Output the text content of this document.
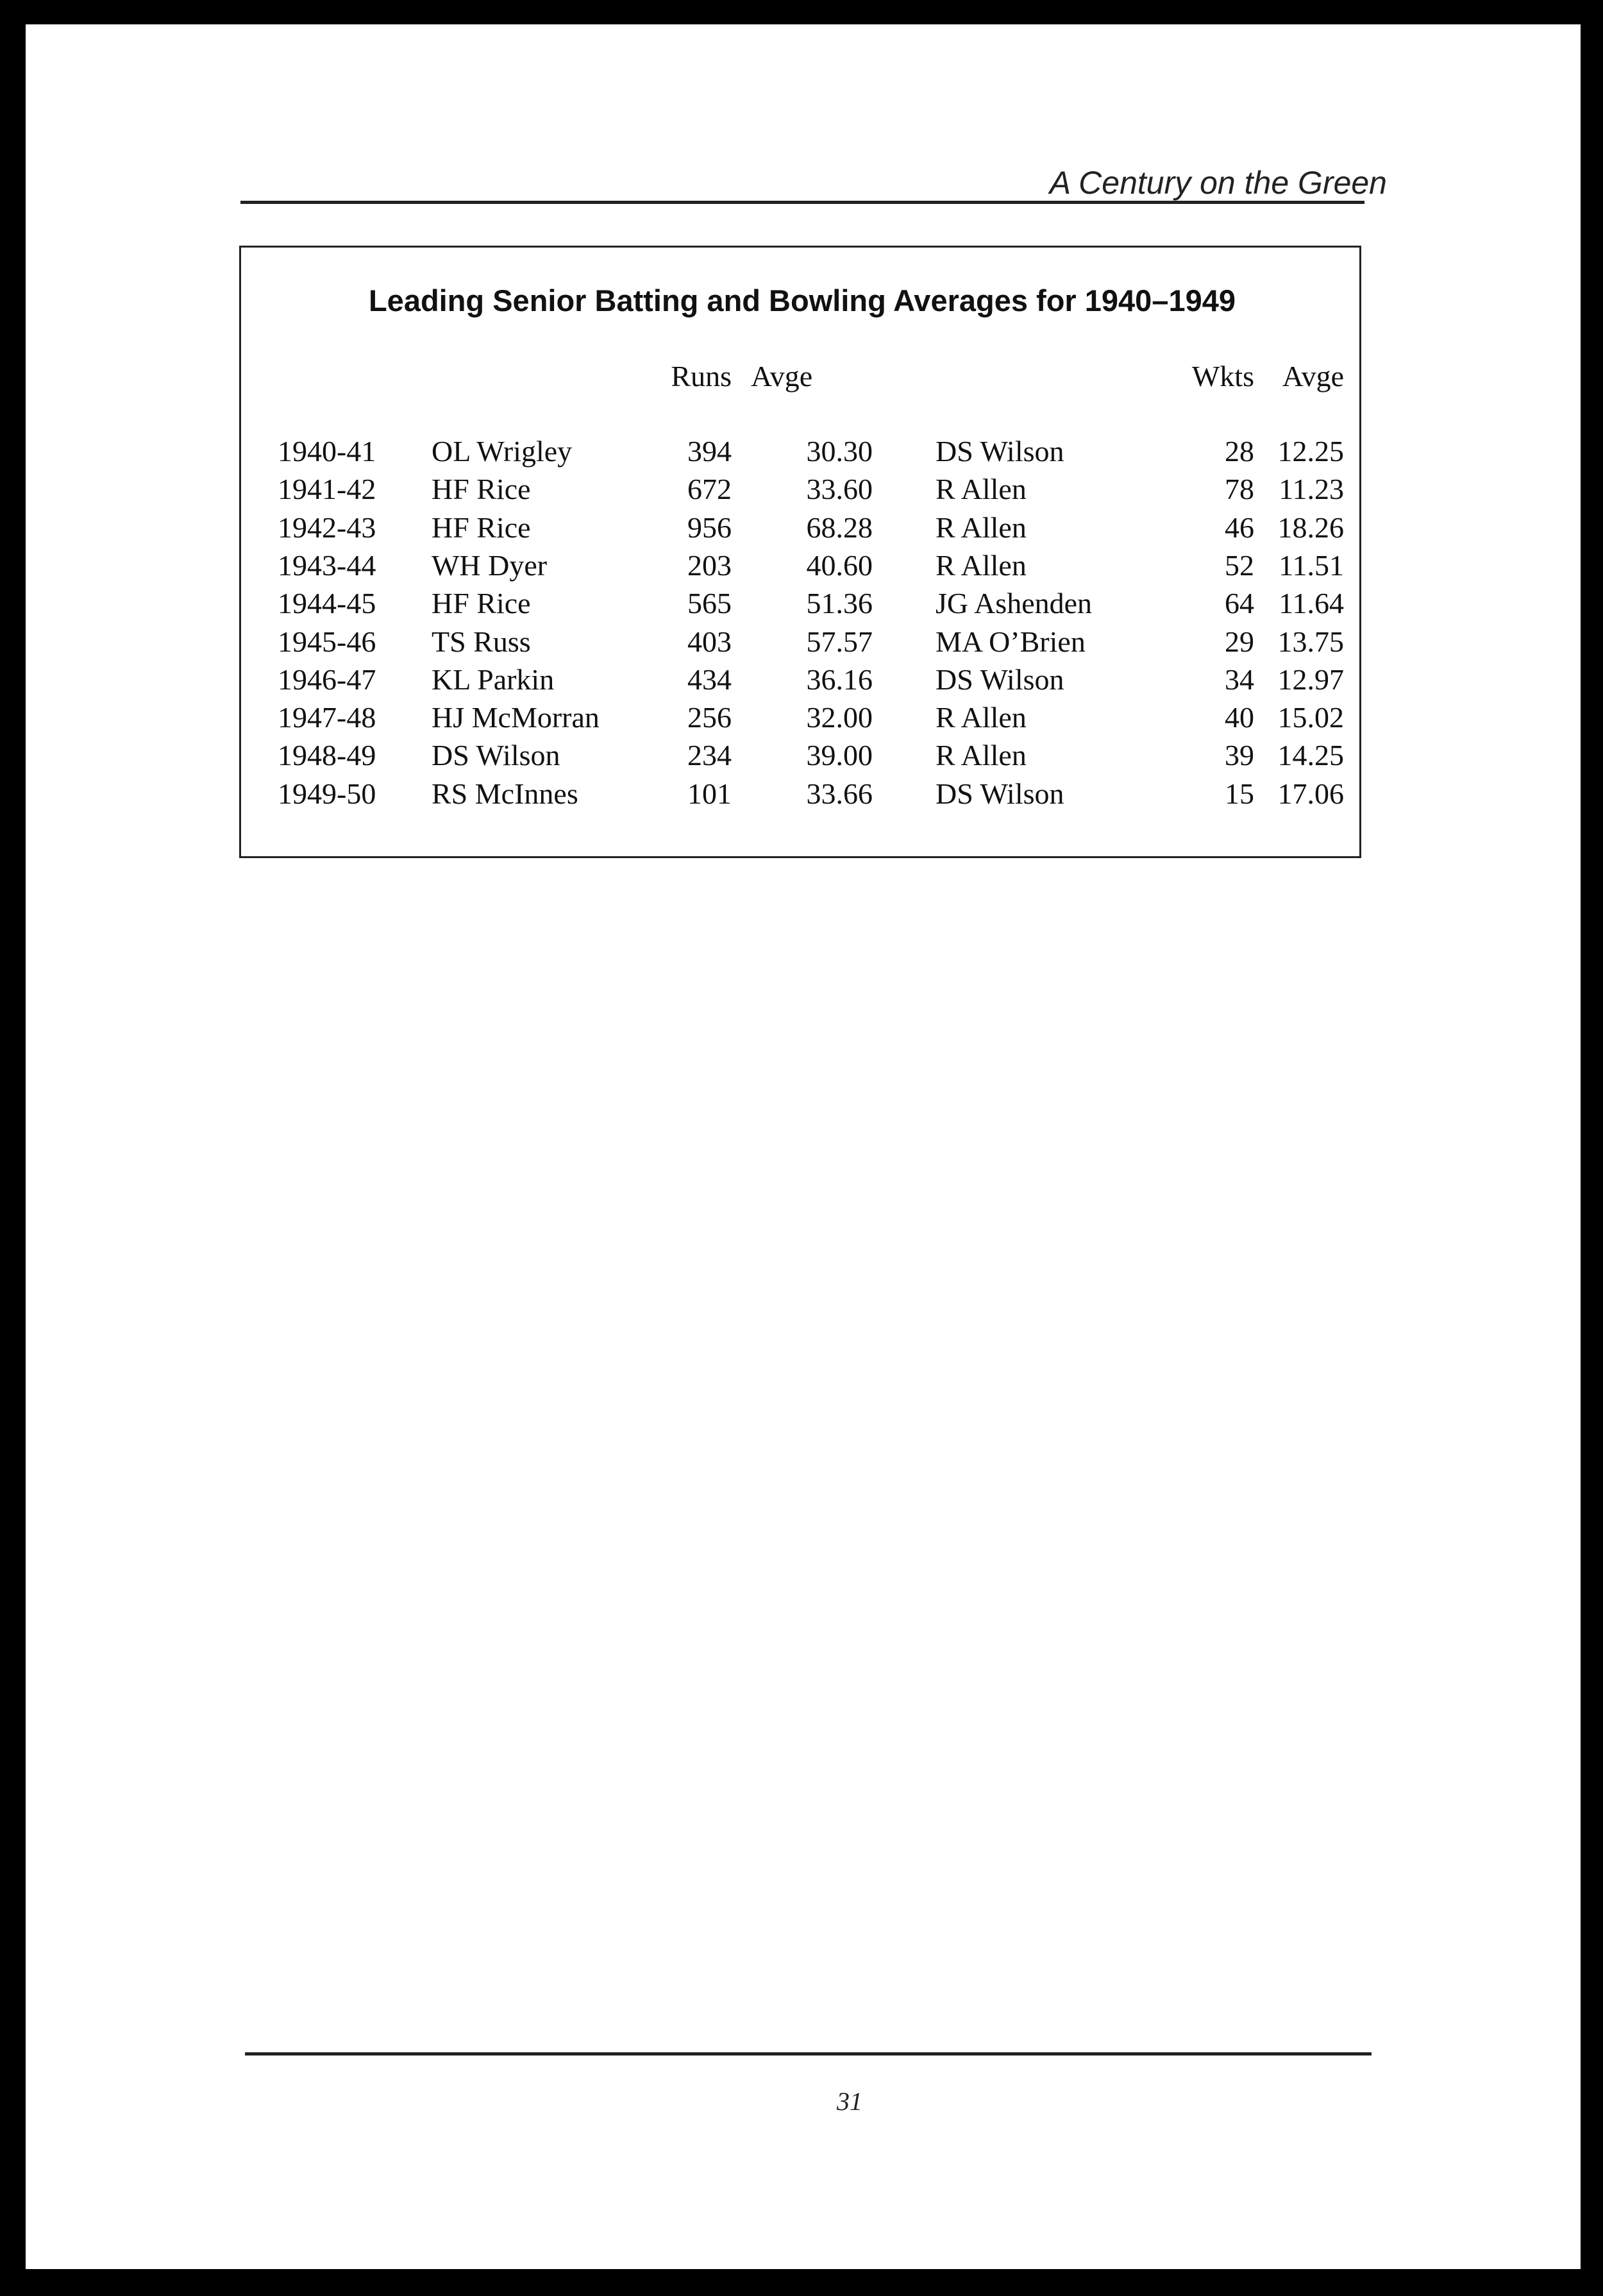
A Century on the Green
Leading Senior Batting and Bowling Averages for 1940–1949
Runs Avge	Wkts Avge
1940-41	OL Wrigley	394	30.30 DS Wilson	28 12.25
1941-42	HF Rice	672	33.60 R Allen	78 11.23
1942-43	HF Rice	956	68.28 R Allen	46 18.26
1943-44	WH Dyer	203	40.60 R Allen	52 11.51
1944-45	HF Rice	565	51.36 JG Ashenden	64 11.64
1945-46	TS Russ	403	57.57 MA O’Brien	29 13.75
1946-47	KL Parkin	434	36.16 DS Wilson	34 12.97
1947-48	HJ McMorran	256	32.00 R Allen	40 15.02
1948-49	DS Wilson	234	39.00 R Allen	39 14.25
1949-50	RS McInnes	101	33.66 DS Wilson	15 17.06
31
